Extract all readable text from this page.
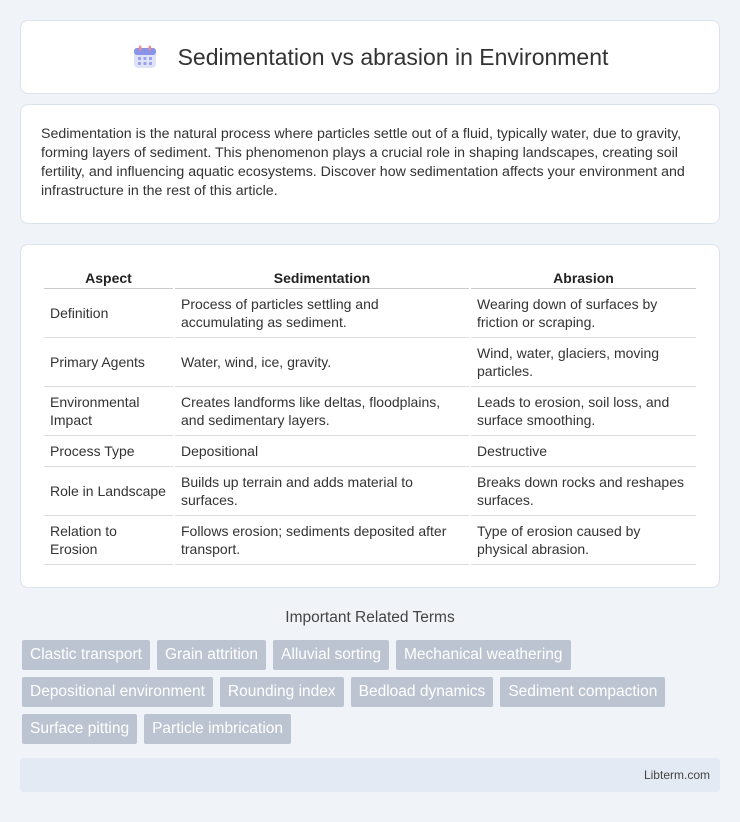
Sedimentation vs abrasion in Environment

Sedimentation is the natural process where particles settle out of a fluid, typically water, due to gravity, forming layers of sediment. This phenomenon plays a crucial role in shaping landscapes, creating soil fertility, and influencing aquatic ecosystems. Discover how sedimentation affects your environment and infrastructure in the rest of this article.

Aspect	Sedimentation	Abrasion
Definition	Process of particles settling and accumulating as sediment.	Wearing down of surfaces by friction or scraping.
Primary Agents	Water, wind, ice, gravity.	Wind, water, glaciers, moving particles.
Environmental Impact	Creates landforms like deltas, floodplains, and sedimentary layers.	Leads to erosion, soil loss, and surface smoothing.
Process Type	Depositional	Destructive
Role in Landscape	Builds up terrain and adds material to surfaces.	Breaks down rocks and reshapes surfaces.
Relation to Erosion	Follows erosion; sediments deposited after transport.	Type of erosion caused by physical abrasion.
Important Related Terms
Clastic transport	Grain attrition	Alluvial sorting	Mechanical weathering
Depositional environment	Rounding index	Bedload dynamics	Sediment compaction
Surface pitting	Particle imbrication
Libterm.com
